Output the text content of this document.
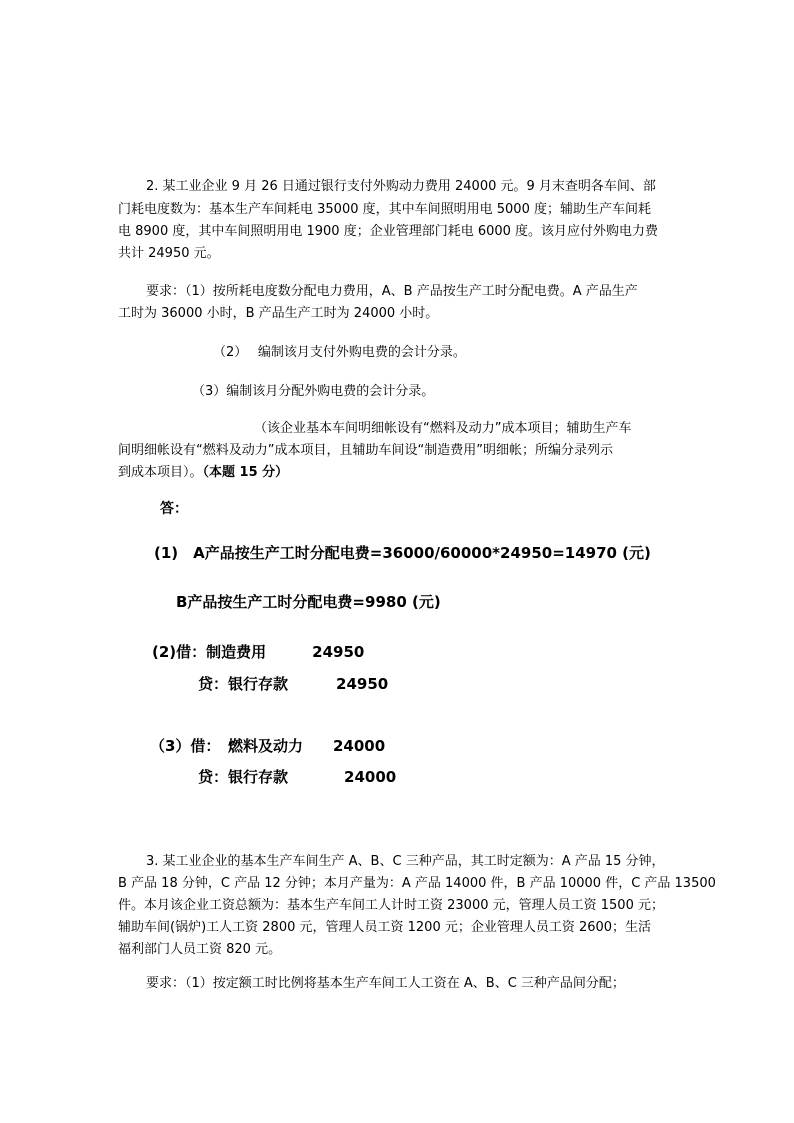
2. 某工业企业 9 月 26 日通过银行支付外购动力费用 24000 元。9 月末查明各车间、部

门耗电度数为：基本生产车间耗电 35000 度，其中车间照明用电 5000 度；辅助生产车间耗

电 8900 度，其中车间照明用电 1900 度；企业管理部门耗电 6000 度。该月应付外购电力费

共计 24950 元。

要求：（1）按所耗电度数分配电力费用，A、B 产品按生产工时分配电费。A 产品生产

工时为 36000 小时，B 产品生产工时为 24000 小时。

（2）　 编制该月支付外购电费的会计分录。

（3）编制该月分配外购电费的会计分录。

（该企业基本车间明细帐设有“燃料及动力”成本项目；辅助生产车

间明细帐设有“燃料及动力”成本项目，且辅助车间设“制造费用”明细帐；所编分录列示

到成本项目）。（本题 15 分）

答：

(1)　A产品按生产工时分配电费=36000/60000*24950=14970 (元)

B产品按生产工时分配电费=9980 (元)

(2)借：制造费用	24950

贷：银行存款	24950

（3）借：　燃料及动力 24000

贷：银行存款	24000

3. 某工业企业的基本生产车间生产 A、B、C 三种产品，其工时定额为：A 产品 15 分钟，

B 产品 18 分钟，C 产品 12 分钟；本月产量为：A 产品 14000 件，B 产品 10000 件，C 产品 13500

件。本月该企业工资总额为：基本生产车间工人计时工资 23000 元，管理人员工资 1500 元；

辅助车间(锅炉)工人工资 2800 元，管理人员工资 1200 元；企业管理人员工资 2600；生活

福利部门人员工资 820 元。

要求：（1）按定额工时比例将基本生产车间工人工资在 A、B、C 三种产品间分配；
